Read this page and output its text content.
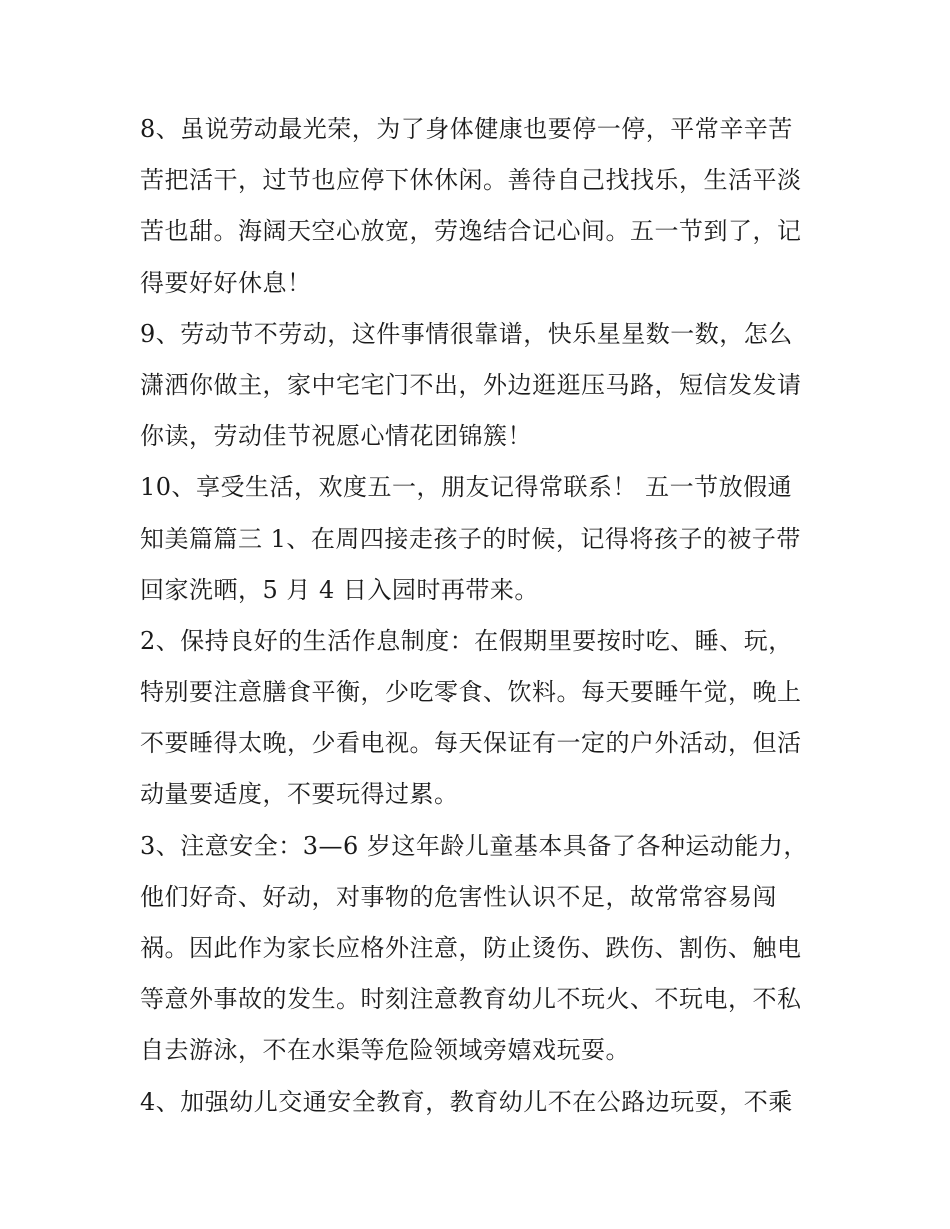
8、虽说劳动最光荣，为了身体健康也要停一停，平常辛辛苦
苦把活干，过节也应停下休休闲。善待自己找找乐，生活平淡
苦也甜。海阔天空心放宽，劳逸结合记心间。五一节到了，记
得要好好休息！
9、劳动节不劳动，这件事情很靠谱，快乐星星数一数，怎么
潇洒你做主，家中宅宅门不出，外边逛逛压马路，短信发发请
你读，劳动佳节祝愿心情花团锦簇！
10、享受生活，欢度五一，朋友记得常联系！ 五一节放假通
知美篇篇三 1、在周四接走孩子的时候，记得将孩子的被子带
回家洗晒，5 月 4 日入园时再带来。
2、保持良好的生活作息制度：在假期里要按时吃、睡、玩，
特别要注意膳食平衡，少吃零食、饮料。每天要睡午觉，晚上
不要睡得太晚，少看电视。每天保证有一定的户外活动，但活
动量要适度，不要玩得过累。
3、注意安全：3—6 岁这年龄儿童基本具备了各种运动能力，
他们好奇、好动，对事物的危害性认识不足，故常常容易闯
祸。因此作为家长应格外注意，防止烫伤、跌伤、割伤、触电
等意外事故的发生。时刻注意教育幼儿不玩火、不玩电，不私
自去游泳，不在水渠等危险领域旁嬉戏玩耍。
4、加强幼儿交通安全教育，教育幼儿不在公路边玩耍，不乘
